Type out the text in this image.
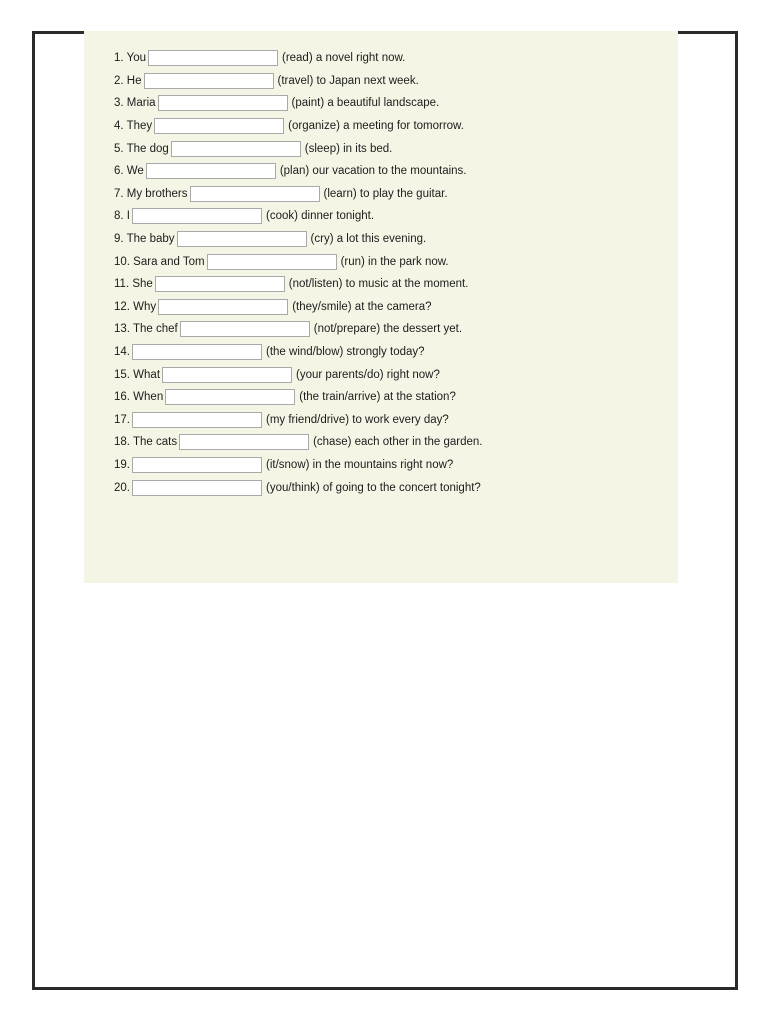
1. You	(read) a novel right now.
2. He	(travel) to Japan next week.
3. Maria	(paint) a beautiful landscape.
4. They	(organize) a meeting for tomorrow.
5. The dog	(sleep) in its bed.
6. We	(plan) our vacation to the mountains.
7. My brothers	(learn) to play the guitar.
8. I	(cook) dinner tonight.
9. The baby	(cry) a lot this evening.
10. Sara and Tom	(run) in the park now.
11. She	(not/listen) to music at the moment.
12. Why	(they/smile) at the camera?
13. The chef	(not/prepare) the dessert yet.
14.	(the wind/blow) strongly today?
15. What	(your parents/do) right now?
16. When	(the train/arrive) at the station?
17.	(my friend/drive) to work every day?
18. The cats	(chase) each other in the garden.
19.	(it/snow) in the mountains right now?
20.	(you/think) of going to the concert tonight?
